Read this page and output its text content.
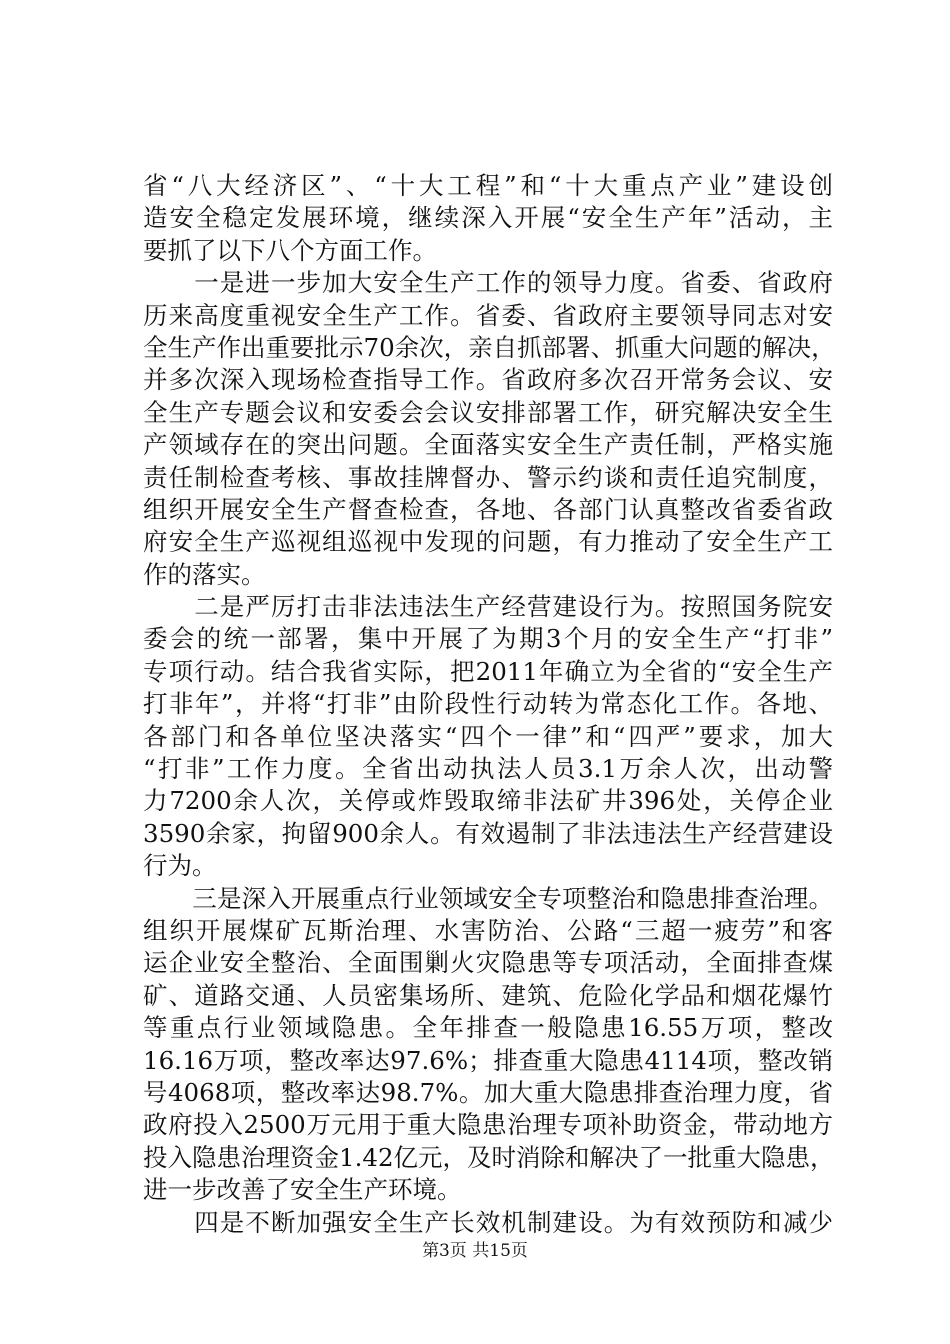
省“八大经济区”、“十大工程”和“十大重点产业”建设创
造安全稳定发展环境，继续深入开展“安全生产年”活动，主
要抓了以下八个方面工作。
　　一是进一步加大安全生产工作的领导力度。省委、省政府
历来高度重视安全生产工作。省委、省政府主要领导同志对安
全生产作出重要批示70余次，亲自抓部署、抓重大问题的解决，
并多次深入现场检查指导工作。省政府多次召开常务会议、安
全生产专题会议和安委会会议安排部署工作，研究解决安全生
产领域存在的突出问题。全面落实安全生产责任制，严格实施
责任制检查考核、事故挂牌督办、警示约谈和责任追究制度，
组织开展安全生产督查检查，各地、各部门认真整改省委省政
府安全生产巡视组巡视中发现的问题，有力推动了安全生产工
作的落实。
　　二是严厉打击非法违法生产经营建设行为。按照国务院安
委会的统一部署，集中开展了为期3个月的安全生产“打非”
专项行动。结合我省实际，把2011年确立为全省的“安全生产
打非年”，并将“打非”由阶段性行动转为常态化工作。各地、
各部门和各单位坚决落实“四个一律”和“四严”要求，加大
“打非”工作力度。全省出动执法人员3.1万余人次，出动警
力7200余人次，关停或炸毁取缔非法矿井396处，关停企业
3590余家，拘留900余人。有效遏制了非法违法生产经营建设
行为。
　　三是深入开展重点行业领域安全专项整治和隐患排查治理。
组织开展煤矿瓦斯治理、水害防治、公路“三超一疲劳”和客
运企业安全整治、全面围剿火灾隐患等专项活动，全面排查煤
矿、道路交通、人员密集场所、建筑、危险化学品和烟花爆竹
等重点行业领域隐患。全年排查一般隐患16.55万项，整改
16.16万项，整改率达97.6%；排查重大隐患4114项，整改销
号4068项，整改率达98.7%。加大重大隐患排查治理力度，省
政府投入2500万元用于重大隐患治理专项补助资金，带动地方
投入隐患治理资金1.42亿元，及时消除和解决了一批重大隐患，
进一步改善了安全生产环境。
　　四是不断加强安全生产长效机制建设。为有效预防和减少
第3页 共15页
